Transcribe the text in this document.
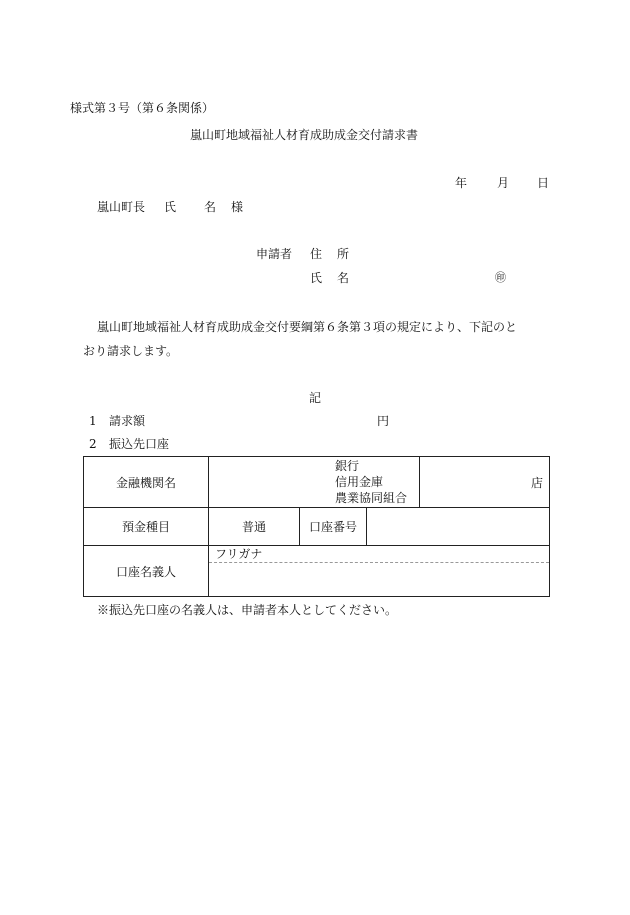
様式第３号（第６条関係）
嵐山町地域福祉人材育成助成金交付請求書
年 月 日
嵐山町長 氏 名 様
申請者 住 所
氏 名	㊞
嵐山町地域福祉人材育成助成金交付要綱第６条第３項の規定により、下記のと
おり請求します。
記
1 請求額	円
2 振込先口座
金融機関名	銀行
信用金庫
農業協同組合			店
預金種目	普通	口座番号		
口座名義人	フリガナ			
※振込先口座の名義人は、申請者本人としてください。
